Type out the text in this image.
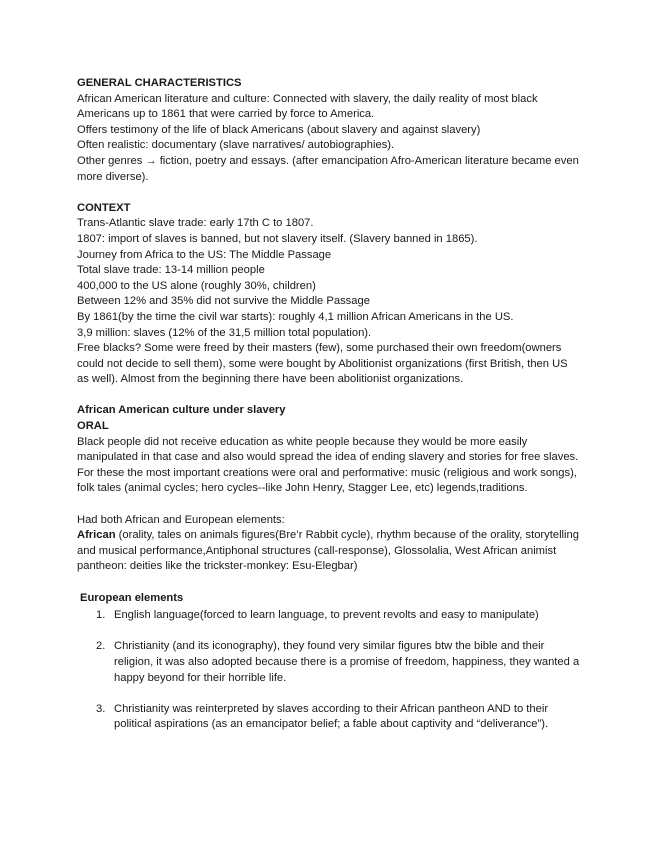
GENERAL CHARACTERISTICS

African American literature and culture: Connected with slavery, the daily reality of most black Americans up to 1861 that were carried by force to America.

Offers testimony of the life of black Americans (about slavery and against slavery)

Often realistic: documentary (slave narratives/ autobiographies).

Other genres → fiction, poetry and essays. (after emancipation Afro-American literature became even more diverse).

CONTEXT

Trans-Atlantic slave trade: early 17th C to 1807.

1807: import of slaves is banned, but not slavery itself. (Slavery banned in 1865).

Journey from Africa to the US: The Middle Passage

Total slave trade: 13-14 million people

400,000 to the US alone (roughly 30%, children)

Between 12% and 35% did not survive the Middle Passage

By 1861(by the time the civil war starts): roughly 4,1 million African Americans in the US.

3,9 million: slaves (12% of the 31,5 million total population).

Free blacks? Some were freed by their masters (few), some purchased their own freedom(owners could not decide to sell them), some were bought by Abolitionist organizations (first British, then US as well). Almost from the beginning there have been abolitionist organizations.

African American culture under slavery

ORAL

Black people did not receive education as white people because they would be more easily manipulated in that case and also would spread the idea of ending slavery and stories for free slaves. For these the most important creations were oral and performative: music (religious and work songs), folk tales (animal cycles; hero cycles--like John Henry, Stagger Lee, etc) legends,traditions.

Had both African and European elements:

African (orality, tales on animals figures(Bre’r Rabbit cycle), rhythm because of the orality, storytelling and musical performance,Antiphonal structures (call-response), Glossolalia, West African animist pantheon: deities like the trickster-monkey: Esu-Elegbar)

European elements

1. English language(forced to learn language, to prevent revolts and easy to manipulate)
2. Christianity (and its iconography), they found very similar figures btw the bible and their religion, it was also adopted because there is a promise of freedom, happiness, they wanted a happy beyond for their horrible life.
3. Christianity was reinterpreted by slaves according to their African pantheon AND to their political aspirations (as an emancipator belief; a fable about captivity and “deliverance”).
